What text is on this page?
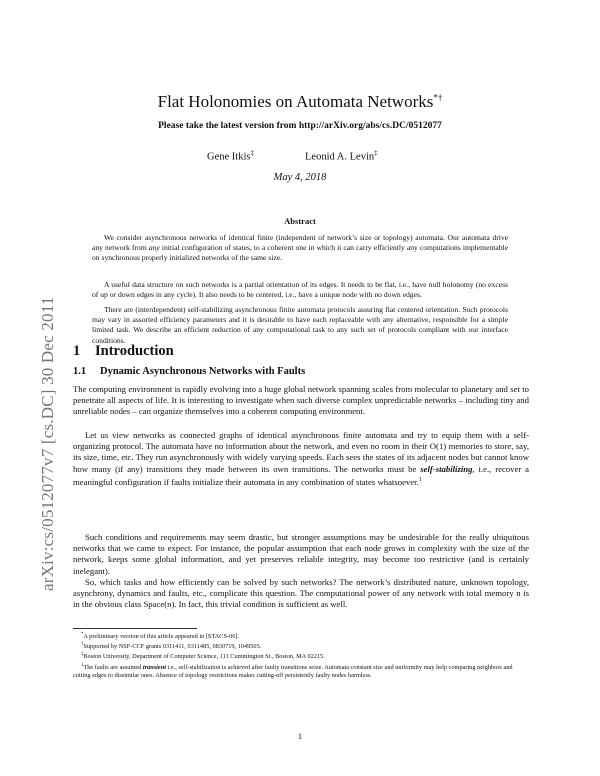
arXiv:cs/0512077v7 [cs.DC] 30 Dec 2011
Flat Holonomies on Automata Networks*†
Please take the latest version from http://arXiv.org/abs/cs.DC/0512077
Gene Itkis‡	Leonid A. Levin‡
May 4, 2018
Abstract

We consider asynchronous networks of identical finite (independent of network’s size or topology) automata. Our automata drive any network from any initial configuration of states, to a coherent one in which it can carry efficiently any computations implementable on synchronous properly initialized networks of the same size.

A useful data structure on such networks is a partial orientation of its edges. It needs to be flat, i.e., have null holonomy (no excess of up or down edges in any cycle). It also needs to be centered, i.e., have a unique node with no down edges.

There are (interdependent) self-stabilizing asynchronous finite automata protocols assuring flat centered orientation. Such protocols may vary in assorted efficiency parameters and it is desirable to have each replaceable with any alternative, responsible for a simple limited task. We describe an efficient reduction of any computational task to any such set of protocols compliant with our interface conditions.

1 Introduction
1.1 Dynamic Asynchronous Networks with Faults

The computing environment is rapidly evolving into a huge global network spanning scales from molecular to planetary and set to penetrate all aspects of life. It is interesting to investigate when such diverse complex unpredictable networks – including tiny and unreliable nodes – can organize themselves into a coherent computing environment.

Let us view networks as connected graphs of identical asynchronous finite automata and try to equip them with a self-organizing protocol. The automata have no information about the network, and even no room in their O(1) memories to store, say, its size, time, etc. They run asynchronously with widely varying speeds. Each sees the states of its adjacent nodes but cannot know how many (if any) transitions they made between its own transitions. The networks must be self-stabilizing, i.e., recover a meaningful configuration if faults initialize their automata in any combination of states whatsoever.$^1$

Such conditions and requirements may seem drastic, but stronger assumptions may be undesirable for the really ubiquitous networks that we came to expect. For instance, the popular assumption that each node grows in complexity with the size of the network, keeps some global information, and yet preserves reliable integrity, may become too restrictive (and is certainly inelegant).

So, which tasks and how efficiently can be solved by such networks? The network’s distributed nature, unknown topology, asynchrony, dynamics and faults, etc., complicate this question. The computational power of any network with total memory n is in the obvious class Space(n). In fact, this trivial condition is sufficient as well.

*A preliminary version of this article appeared in [STACS-06].

†Supported by NSF-CCF grants 0311411, 0311485, 0830719, 1049505.

‡Boston University, Department of Computer Science, 111 Cummington St., Boston, MA 02215.

$^1$The faults are assumed transient i.e., self-stabilization is achieved after faulty transitions seize. Automata constant size and uniformity may help comparing neighbors and cutting edges to dissimilar ones. Absence of topology restrictions makes cutting-off persistently faulty nodes harmless.

1
